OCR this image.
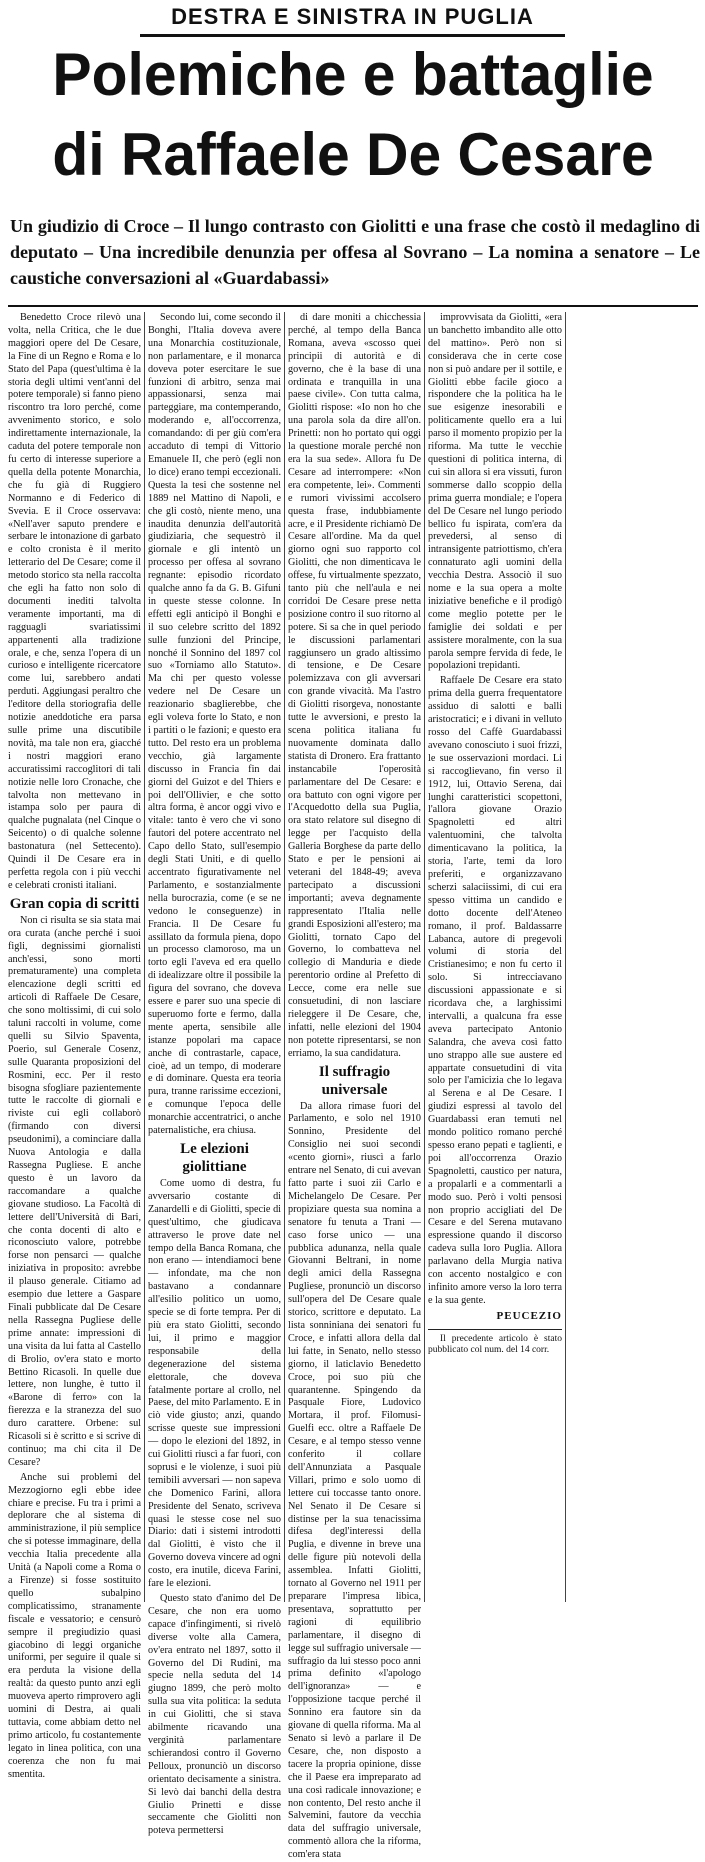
DESTRA E SINISTRA IN PUGLIA
Polemiche e battaglie
di Raffaele De Cesare
Un giudizio di Croce – Il lungo contrasto con Giolitti e una frase che costò il medaglino di deputato – Una incredibile denunzia per offesa al Sovrano – La nomina a senatore – Le caustiche conversazioni al «Guardabassi»

Benedetto Croce rilevò una volta, nella Critica, che le due maggiori opere del De Cesare, la Fine di un Regno e Roma e lo Stato del Papa (quest'ultima è la storia degli ultimi vent'anni del potere temporale) si fanno pieno riscontro tra loro perché, come avvenimento storico, e solo indirettamente internazionale, la caduta del potere temporale non fu certo di interesse superiore a quella della potente Monarchia, che fu già di Ruggiero Normanno e di Federico di Svevia. E il Croce osservava: «Nell'aver saputo prendere e serbare le intonazione di garbato e colto cronista è il merito letterario del De Cesare; come il metodo storico sta nella raccolta che egli ha fatto non solo di documenti inediti talvolta veramente importanti, ma di ragguagli svariatissimi appartenenti alla tradizione orale, e che, senza l'opera di un curioso e intelligente ricercatore come lui, sarebbero andati perduti. Aggiungasi peraltro che l'editore della storiografia delle notizie aneddotiche era parsa sulle prime una discutibile novità, ma tale non era, giacché i nostri maggiori erano accuratissimi raccoglitori di tali notizie nelle loro Cronache, che talvolta non mettevano in istampa solo per paura di qualche pugnalata (nel Cinque o Seicento) o di qualche solenne bastonatura (nel Settecento). Quindi il De Cesare era in perfetta regola con i più vecchi e celebrati cronisti italiani.

Gran copia di scritti

Non ci risulta se sia stata mai ora curata (anche perché i suoi figli, degnissimi giornalisti anch'essi, sono morti prematuramente) una completa elencazione degli scritti ed articoli di Raffaele De Cesare, che sono moltissimi, di cui solo taluni raccolti in volume, come quelli su Silvio Spaventa, Poerio, sul Generale Cosenz, sulle Quaranta proposizioni del Rosmini, ecc. Per il resto bisogna sfogliare pazientemente tutte le raccolte di giornali e riviste cui egli collaborò (firmando con diversi pseudonimi), a cominciare dalla Nuova Antologia e dalla Rassegna Pugliese. E anche questo è un lavoro da raccomandare a qualche giovane studioso. La Facoltà di lettere dell'Università di Bari, che conta docenti di alto e riconosciuto valore, potrebbe forse non pensarci — qualche iniziativa in proposito: avrebbe il plauso generale. Citiamo ad esempio due lettere a Gaspare Finali pubblicate dal De Cesare nella Rassegna Pugliese delle prime annate: impressioni di una visita da lui fatta al Castello di Brolio, ov'era stato e morto Bettino Ricasoli. In quelle due lettere, non lunghe, è tutto il «Barone di ferro» con la fierezza e la stranezza del suo duro carattere. Orbene: sul Ricasoli si è scritto e si scrive di continuo; ma chi cita il De Cesare?

Anche sui problemi del Mezzogiorno egli ebbe idee chiare e precise. Fu tra i primi a deplorare che al sistema di amministrazione, il più semplice che si potesse immaginare, della vecchia Italia precedente alla Unità (a Napoli come a Roma o a Firenze) si fosse sostituito quello subalpino complicatissimo, stranamente fiscale e vessatorio; e censurò sempre il pregiudizio quasi giacobino di leggi organiche uniformi, per seguire il quale si era perduta la visione della realtà: da questo punto anzi egli muoveva aperto rimprovero agli uomini di Destra, ai quali tuttavia, come abbiam detto nel primo articolo, fu costantemente legato in linea politica, con una coerenza che non fu mai smentita.

Secondo lui, come secondo il Bonghi, l'Italia doveva avere una Monarchia costituzionale, non parlamentare, e il monarca doveva poter esercitare le sue funzioni di arbitro, senza mai appassionarsi, senza mai parteggiare, ma contemperando, moderando e, all'occorrenza, comandando: di per giù com'era accaduto di tempi di Vittorio Emanuele II, che però (egli non lo dice) erano tempi eccezionali. Questa la tesi che sostenne nel 1889 nel Mattino di Napoli, e che gli costò, niente meno, una inaudita denunzia dell'autorità giudiziaria, che sequestrò il giornale e gli intentò un processo per offesa al sovrano regnante: episodio ricordato qualche anno fa da G. B. Gifuni in queste stesse colonne. In effetti egli anticipò il Bonghi e il suo celebre scritto del 1892 sulle funzioni del Principe, nonché il Sonnino del 1897 col suo «Torniamo allo Statuto». Ma chi per questo volesse vedere nel De Cesare un reazionario sbaglierebbe, che egli voleva forte lo Stato, e non i partiti o le fazioni; e questo era tutto. Del resto era un problema vecchio, già largamente discusso in Francia fin dai giorni del Guizot e del Thiers e poi dell'Ollivier, e che sotto altra forma, è ancor oggi vivo e vitale: tanto è vero che vi sono fautori del potere accentrato nel Capo dello Stato, sull'esempio degli Stati Uniti, e di quello accentrato figurativamente nel Parlamento, e sostanzialmente nella burocrazia, come (e se ne vedono le conseguenze) in Francia. Il De Cesare fu assillato da formula piena, dopo un processo clamoroso, ma un torto egli l'aveva ed era quello di idealizzare oltre il possibile la figura del sovrano, che doveva essere e parer suo una specie di superuomo forte e fermo, dalla mente aperta, sensibile alle istanze popolari ma capace anche di contrastarle, capace, cioè, ad un tempo, di moderare e di dominare. Questa era teoria pura, tranne rarissime eccezioni, e comunque l'epoca delle monarchie accentratrici, o anche paternalistiche, era chiusa.

Le elezioni giolittiane

Come uomo di destra, fu avversario costante di Zanardelli e di Giolitti, specie di quest'ultimo, che giudicava attraverso le prove date nel tempo della Banca Romana, che non erano — intendiamoci bene — infondate, ma che non bastavano a condannare all'esilio politico un uomo, specie se di forte tempra. Per di più era stato Giolitti, secondo lui, il primo e maggior responsabile della degenerazione del sistema elettorale, che doveva fatalmente portare al crollo, nel Paese, del mito Parlamento. E in ciò vide giusto; anzi, quando scrisse queste sue impressioni — dopo le elezioni del 1892, in cui Giolitti riuscì a far fuori, con soprusi e le violenze, i suoi più temibili avversari — non sapeva che Domenico Farini, allora Presidente del Senato, scriveva quasi le stesse cose nel suo Diario: dati i sistemi introdotti dal Giolitti, è visto che il Governo doveva vincere ad ogni costo, era inutile, diceva Farini, fare le elezioni.

Questo stato d'animo del De Cesare, che non era uomo capace d'infingimenti, si rivelò diverse volte alla Camera, ov'era entrato nel 1897, sotto il Governo del Di Rudinì, ma specie nella seduta del 14 giugno 1899, che però molto sulla sua vita politica: la seduta in cui Giolitti, che si stava abilmente ricavando una verginità parlamentare schierandosi contro il Governo Pelloux, pronunciò un discorso orientato decisamente a sinistra. Si levò dai banchi della destra Giulio Prinetti e disse seccamente che Giolitti non poteva permettersi

di dare moniti a chicchessia perché, al tempo della Banca Romana, aveva «scosso quei principii di autorità e di governo, che è la base di una ordinata e tranquilla in una paese civile». Con tutta calma, Giolitti rispose: «Io non ho che una parola sola da dire all'on. Prinetti: non ho portato qui oggi la questione morale perché non era la sua sede». Allora fu De Cesare ad interrompere: «Non era competente, lei». Commenti e rumori vivissimi accolsero questa frase, indubbiamente acre, e il Presidente richiamò De Cesare all'ordine. Ma da quel giorno ogni suo rapporto col Giolitti, che non dimenticava le offese, fu virtualmente spezzato, tanto più che nell'aula e nei corridoi De Cesare prese netta posizione contro il suo ritorno al potere. Si sa che in quel periodo le discussioni parlamentari raggiunsero un grado altissimo di tensione, e De Cesare polemizzava con gli avversari con grande vivacità. Ma l'astro di Giolitti risorgeva, nonostante tutte le avversioni, e presto la scena politica italiana fu nuovamente dominata dallo statista di Dronero. Era frattanto instancabile l'operosità parlamentare del De Cesare: e ora battuto con ogni vigore per l'Acquedotto della sua Puglia, ora stato relatore sul disegno di legge per l'acquisto della Galleria Borghese da parte dello Stato e per le pensioni ai veterani del 1848-49; aveva partecipato a discussioni importanti; aveva degnamente rappresentato l'Italia nelle grandi Esposizioni all'estero; ma Giolitti, tornato Capo del Governo, lo combatteva nel collegio di Manduria e diede perentorio ordine al Prefetto di Lecce, come era nelle sue consuetudini, di non lasciare rieleggere il De Cesare, che, infatti, nelle elezioni del 1904 non potette ripresentarsi, se non erriamo, la sua candidatura.

Il suffragio universale

Da allora rimase fuori del Parlamento, e solo nel 1910 Sonnino, Presidente del Consiglio nei suoi secondi «cento giorni», riuscì a farlo entrare nel Senato, di cui avevan fatto parte i suoi zii Carlo e Michelangelo De Cesare. Per propiziare questa sua nomina a senatore fu tenuta a Trani — caso forse unico — una pubblica adunanza, nella quale Giovanni Beltrani, in nome degli amici della Rassegna Pugliese, pronunciò un discorso sull'opera del De Cesare quale storico, scrittore e deputato. La lista sonniniana dei senatori fu Croce, e infatti allora della dal lui fatte, in Senato, nello stesso giorno, il laticlavio Benedetto Croce, poi suo più che quarantenne. Spingendo da Pasquale Fiore, Ludovico Mortara, il prof. Filomusi-Guelfi ecc. oltre a Raffaele De Cesare, e al tempo stesso venne conferito il collare dell'Annunziata a Pasquale Villari, primo e solo uomo di lettere cui toccasse tanto onore. Nel Senato il De Cesare si distinse per la sua tenacissima difesa degl'interessi della Puglia, e divenne in breve una delle figure più notevoli della assemblea. Infatti Giolitti, tornato al Governo nel 1911 per preparare l'impresa libica, presentava, soprattutto per ragioni di equilibrio parlamentare, il disegno di legge sul suffragio universale — suffragio da lui stesso poco anni prima definito «l'apologo dell'ignoranza» — e l'opposizione tacque perché il Sonnino era fautore sin da giovane di quella riforma. Ma al Senato si levò a parlare il De Cesare, che, non disposto a tacere la propria opinione, disse che il Paese era impreparato ad una così radicale innovazione; e non contento, Del resto anche il Salvemini, fautore da vecchia data del suffragio universale, commentò allora che la riforma, com'era stata

improvvisata da Giolitti, «era un banchetto imbandito alle otto del mattino». Però non si considerava che in certe cose non si può andare per il sottile, e Giolitti ebbe facile gioco a rispondere che la politica ha le sue esigenze inesorabili e politicamente quello era a lui parso il momento propizio per la riforma. Ma tutte le vecchie questioni di politica interna, di cui sin allora si era vissuti, furon sommerse dallo scoppio della prima guerra mondiale; e l'opera del De Cesare nel lungo periodo bellico fu ispirata, com'era da prevedersi, al senso di intransigente patriottismo, ch'era connaturato agli uomini della vecchia Destra. Associò il suo nome e la sua opera a molte iniziative benefiche e il prodigò come meglio potette per le famiglie dei soldati e per assistere moralmente, con la sua parola sempre fervida di fede, le popolazioni trepidanti.

Raffaele De Cesare era stato prima della guerra frequentatore assiduo di salotti e balli aristocratici; e i divani in velluto rosso del Caffè Guardabassi avevano conosciuto i suoi frizzi, le sue osservazioni mordaci. Li si raccoglievano, fin verso il 1912, lui, Ottavio Serena, dai lunghi caratteristici scopettoni, l'allora giovane Orazio Spagnoletti ed altri valentuomini, che talvolta dimenticavano la politica, la storia, l'arte, temi da loro preferiti, e organizzavano scherzi salaciissimi, di cui era spesso vittima un candido e dotto docente dell'Ateneo romano, il prof. Baldassarre Labanca, autore di pregevoli volumi di storia del Cristianesimo; e non fu certo il solo. Si intrecciavano discussioni appassionate e si ricordava che, a larghissimi intervalli, a qualcuna fra esse aveva partecipato Antonio Salandra, che aveva così fatto uno strappo alle sue austere ed appartate consuetudini di vita solo per l'amicizia che lo legava al Serena e al De Cesare. I giudizi espressi al tavolo del Guardabassi eran temuti nel mondo politico romano perché spesso erano pepati e taglienti, e poi all'occorrenza Orazio Spagnoletti, caustico per natura, a propalarli e a commentarli a modo suo. Però i volti pensosi non proprio accigliati del De Cesare e del Serena mutavano espressione quando il discorso cadeva sulla loro Puglia. Allora parlavano della Murgia nativa con accento nostalgico e con infinito amore verso la loro terra e la sua gente.

PEUCEZIO

Il precedente articolo è stato pubblicato col num. del 14 corr.
